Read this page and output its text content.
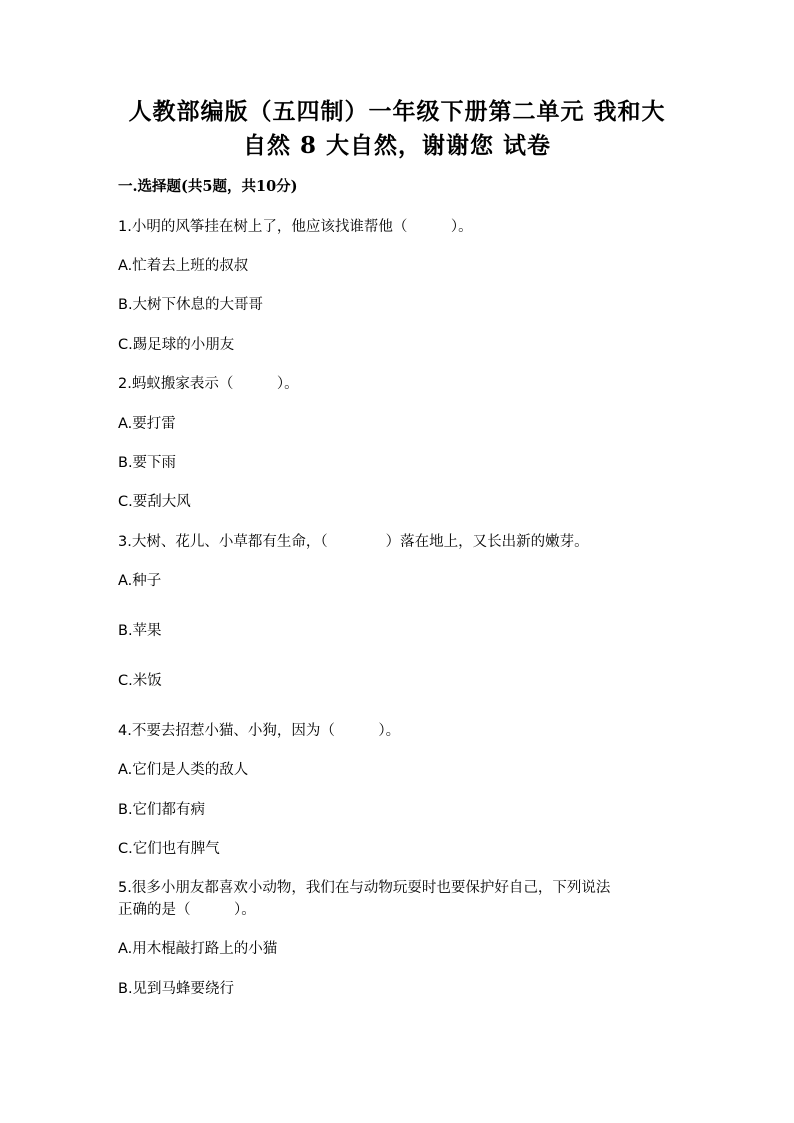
人教部编版（五四制）一年级下册第二单元 我和大
自然 8 大自然，谢谢您 试卷
一.选择题(共5题，共10分)
1.小明的风筝挂在树上了，他应该找谁帮他（　　　）。
A.忙着去上班的叔叔
B.大树下休息的大哥哥
C.踢足球的小朋友
2.蚂蚁搬家表示（　　　）。
A.要打雷
B.要下雨
C.要刮大风
3.大树、花儿、小草都有生命，（　　　　）落在地上，又长出新的嫩芽。
A.种子
B.苹果
C.米饭
4.不要去招惹小猫、小狗，因为（　　　）。
A.它们是人类的敌人
B.它们都有病
C.它们也有脾气
5.很多小朋友都喜欢小动物，我们在与动物玩耍时也要保护好自己，下列说法
正确的是（　　　）。
A.用木棍敲打路上的小猫
B.见到马蜂要绕行
